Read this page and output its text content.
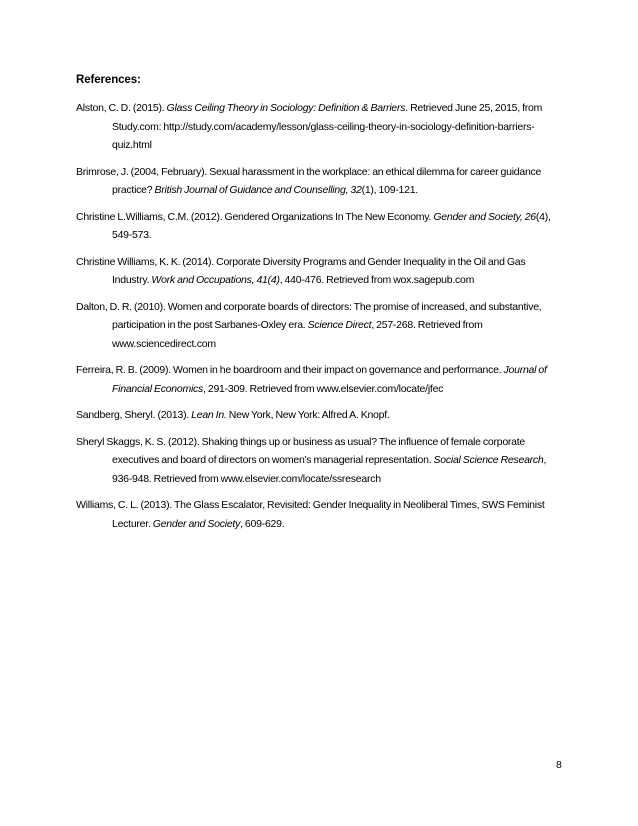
References:
Alston, C. D. (2015). Glass Ceiling Theory in Sociology: Definition & Barriers. Retrieved June 25, 2015, from Study.com: http://study.com/academy/lesson/glass-ceiling-theory-in-sociology-definition-barriers-quiz.html
Brimrose, J. (2004, February). Sexual harassment in the workplace: an ethical dilemma for career guidance practice? British Journal of Guidance and Counselling, 32(1), 109-121.
Christine L.Williams, C.M. (2012). Gendered Organizations In The New Economy. Gender and Society, 26(4), 549-573.
Christine Williams, K. K. (2014). Corporate Diversity Programs and Gender Inequality in the Oil and Gas Industry. Work and Occupations, 41(4), 440-476. Retrieved from wox.sagepub.com
Dalton, D. R. (2010). Women and corporate boards of directors: The promise of increased, and substantive, participation in the post Sarbanes-Oxley era. Science Direct, 257-268. Retrieved from www.sciencedirect.com
Ferreira, R. B. (2009). Women in he boardroom and their impact on governance and performance. Journal of Financial Economics, 291-309. Retrieved from www.elsevier.com/locate/jfec
Sandberg, Sheryl. (2013). Lean In. New York, New York: Alfred A. Knopf.
Sheryl Skaggs, K. S. (2012). Shaking things up or business as usual? The influence of female corporate executives and board of directors on women's managerial representation. Social Science Research, 936-948. Retrieved from www.elsevier.com/locate/ssresearch
Williams, C. L. (2013). The Glass Escalator, Revisited: Gender Inequality in Neoliberal Times, SWS Feminist Lecturer. Gender and Society, 609-629.
8
